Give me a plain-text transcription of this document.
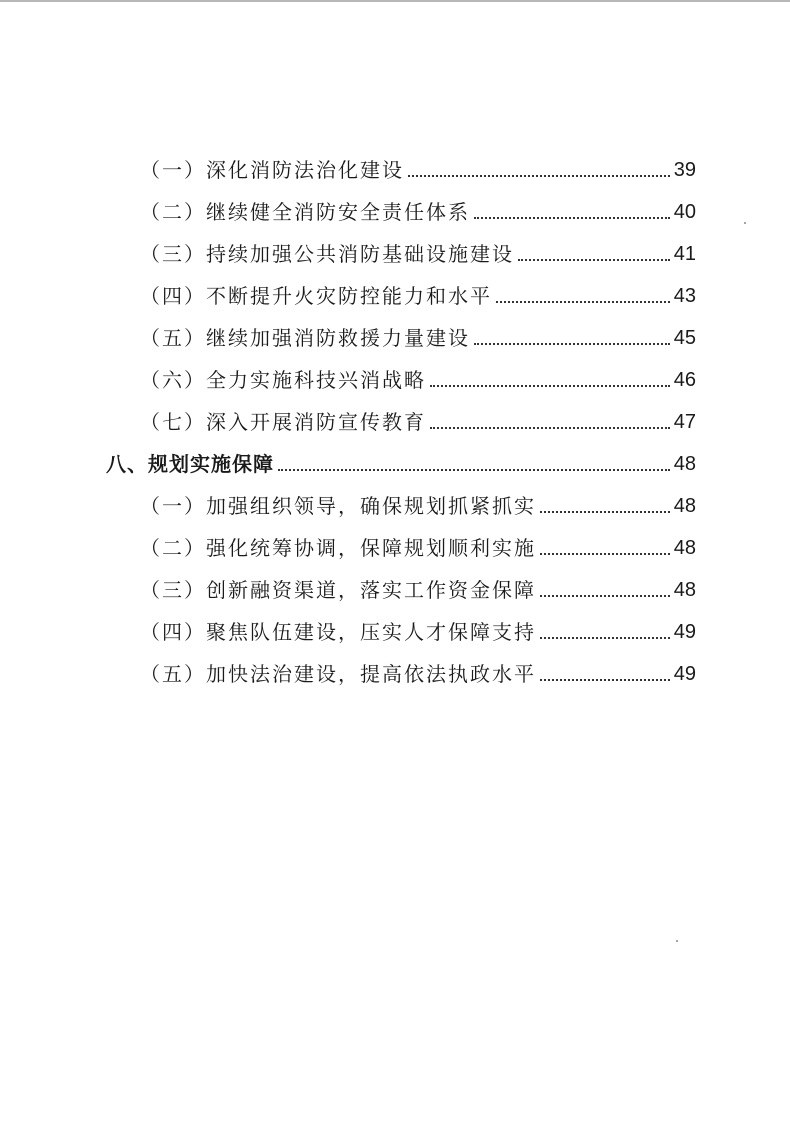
（一）深化消防法治化建设	39
（二）继续健全消防安全责任体系	40
（三）持续加强公共消防基础设施建设	41
（四）不断提升火灾防控能力和水平	43
（五）继续加强消防救援力量建设	45
（六）全力实施科技兴消战略	46
（七）深入开展消防宣传教育	47
八、规划实施保障	48
（一）加强组织领导，确保规划抓紧抓实	48
（二）强化统筹协调，保障规划顺利实施	48
（三）创新融资渠道，落实工作资金保障	48
（四）聚焦队伍建设，压实人才保障支持	49
（五）加快法治建设，提高依法执政水平	49
